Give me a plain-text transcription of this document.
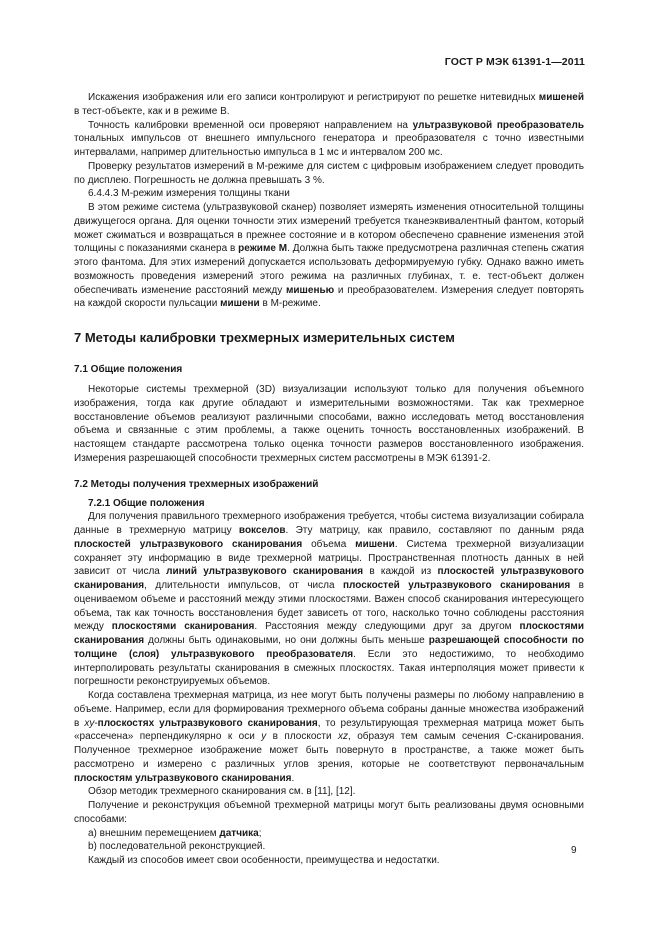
ГОСТ Р МЭК 61391-1—2011

Искажения изображения или его записи контролируют и регистрируют по решетке нитевидных мишеней в тест-объекте, как и в режиме В.

Точность калибровки временной оси проверяют направлением на ультразвуковой преобразователь тональных импульсов от внешнего импульсного генератора и преобразователя с точно известными интервалами, например длительностью импульса в 1 мс и интервалом 200 мс.

Проверку результатов измерений в М-режиме для систем с цифровым изображением следует проводить по дисплею. Погрешность не должна превышать 3 %.

6.4.4.3 М-режим измерения толщины ткани

В этом режиме система (ультразвуковой сканер) позволяет измерять изменения относительной толщины движущегося органа. Для оценки точности этих измерений требуется тканеэквивалентный фантом, который может сжиматься и возвращаться в прежнее состояние и в котором обеспечено сравнение изменения этой толщины с показаниями сканера в режиме М. Должна быть также предусмотрена различная степень сжатия этого фантома. Для этих измерений допускается использовать деформируемую губку. Однако важно иметь возможность проведения измерений этого режима на различных глубинах, т. е. тест-объект должен обеспечивать изменение расстояний между мишенью и преобразователем. Измерения следует повторять на каждой скорости пульсации мишени в М-режиме.

7 Методы калибровки трехмерных измерительных систем
7.1 Общие положения

Некоторые системы трехмерной (3D) визуализации используют только для получения объемного изображения, тогда как другие обладают и измерительными возможностями. Так как трехмерное восстановление объемов реализуют различными способами, важно исследовать метод восстановления объема и связанные с этим проблемы, а также оценить точность восстановленных изображений. В настоящем стандарте рассмотрена только оценка точности размеров восстановленного изображения. Измерения разрешающей способности трехмерных систем рассмотрены в МЭК 61391-2.

7.2 Методы получения трехмерных изображений

7.2.1 Общие положения

Для получения правильного трехмерного изображения требуется, чтобы система визуализации собирала данные в трехмерную матрицу вокселов. Эту матрицу, как правило, составляют по данным ряда плоскостей ультразвукового сканирования объема мишени. Система трехмерной визуализации сохраняет эту информацию в виде трехмерной матрицы. Пространственная плотность данных в ней зависит от числа линий ультразвукового сканирования в каждой из плоскостей ультразвукового сканирования, длительности импульсов, от числа плоскостей ультразвукового сканирования в оцениваемом объеме и расстояний между этими плоскостями. Важен способ сканирования интересующего объема, так как точность восстановления будет зависеть от того, насколько точно соблюдены расстояния между плоскостями сканирования. Расстояния между следующими друг за другом плоскостями сканирования должны быть одинаковыми, но они должны быть меньше разрешающей способности по толщине (слоя) ультразвукового преобразователя. Если это недостижимо, то необходимо интерполировать результаты сканирования в смежных плоскостях. Такая интерполяция может привести к погрешности реконструируемых объемов.

Когда составлена трехмерная матрица, из нее могут быть получены размеры по любому направлению в объеме. Например, если для формирования трехмерного объема собраны данные множества изображений в xy-плоскостях ультразвукового сканирования, то результирующая трехмерная матрица может быть «рассечена» перпендикулярно к оси y в плоскости xz, образуя тем самым сечения С-сканирования. Полученное трехмерное изображение может быть повернуто в пространстве, а также может быть рассмотрено и измерено с различных углов зрения, которые не соответствуют первоначальным плоскостям ультразвукового сканирования.

Обзор методик трехмерного сканирования см. в [11], [12].

Получение и реконструкция объемной трехмерной матрицы могут быть реализованы двумя основными способами:

а) внешним перемещением датчика;

b) последовательной реконструкцией.

Каждый из способов имеет свои особенности, преимущества и недостатки.

9
